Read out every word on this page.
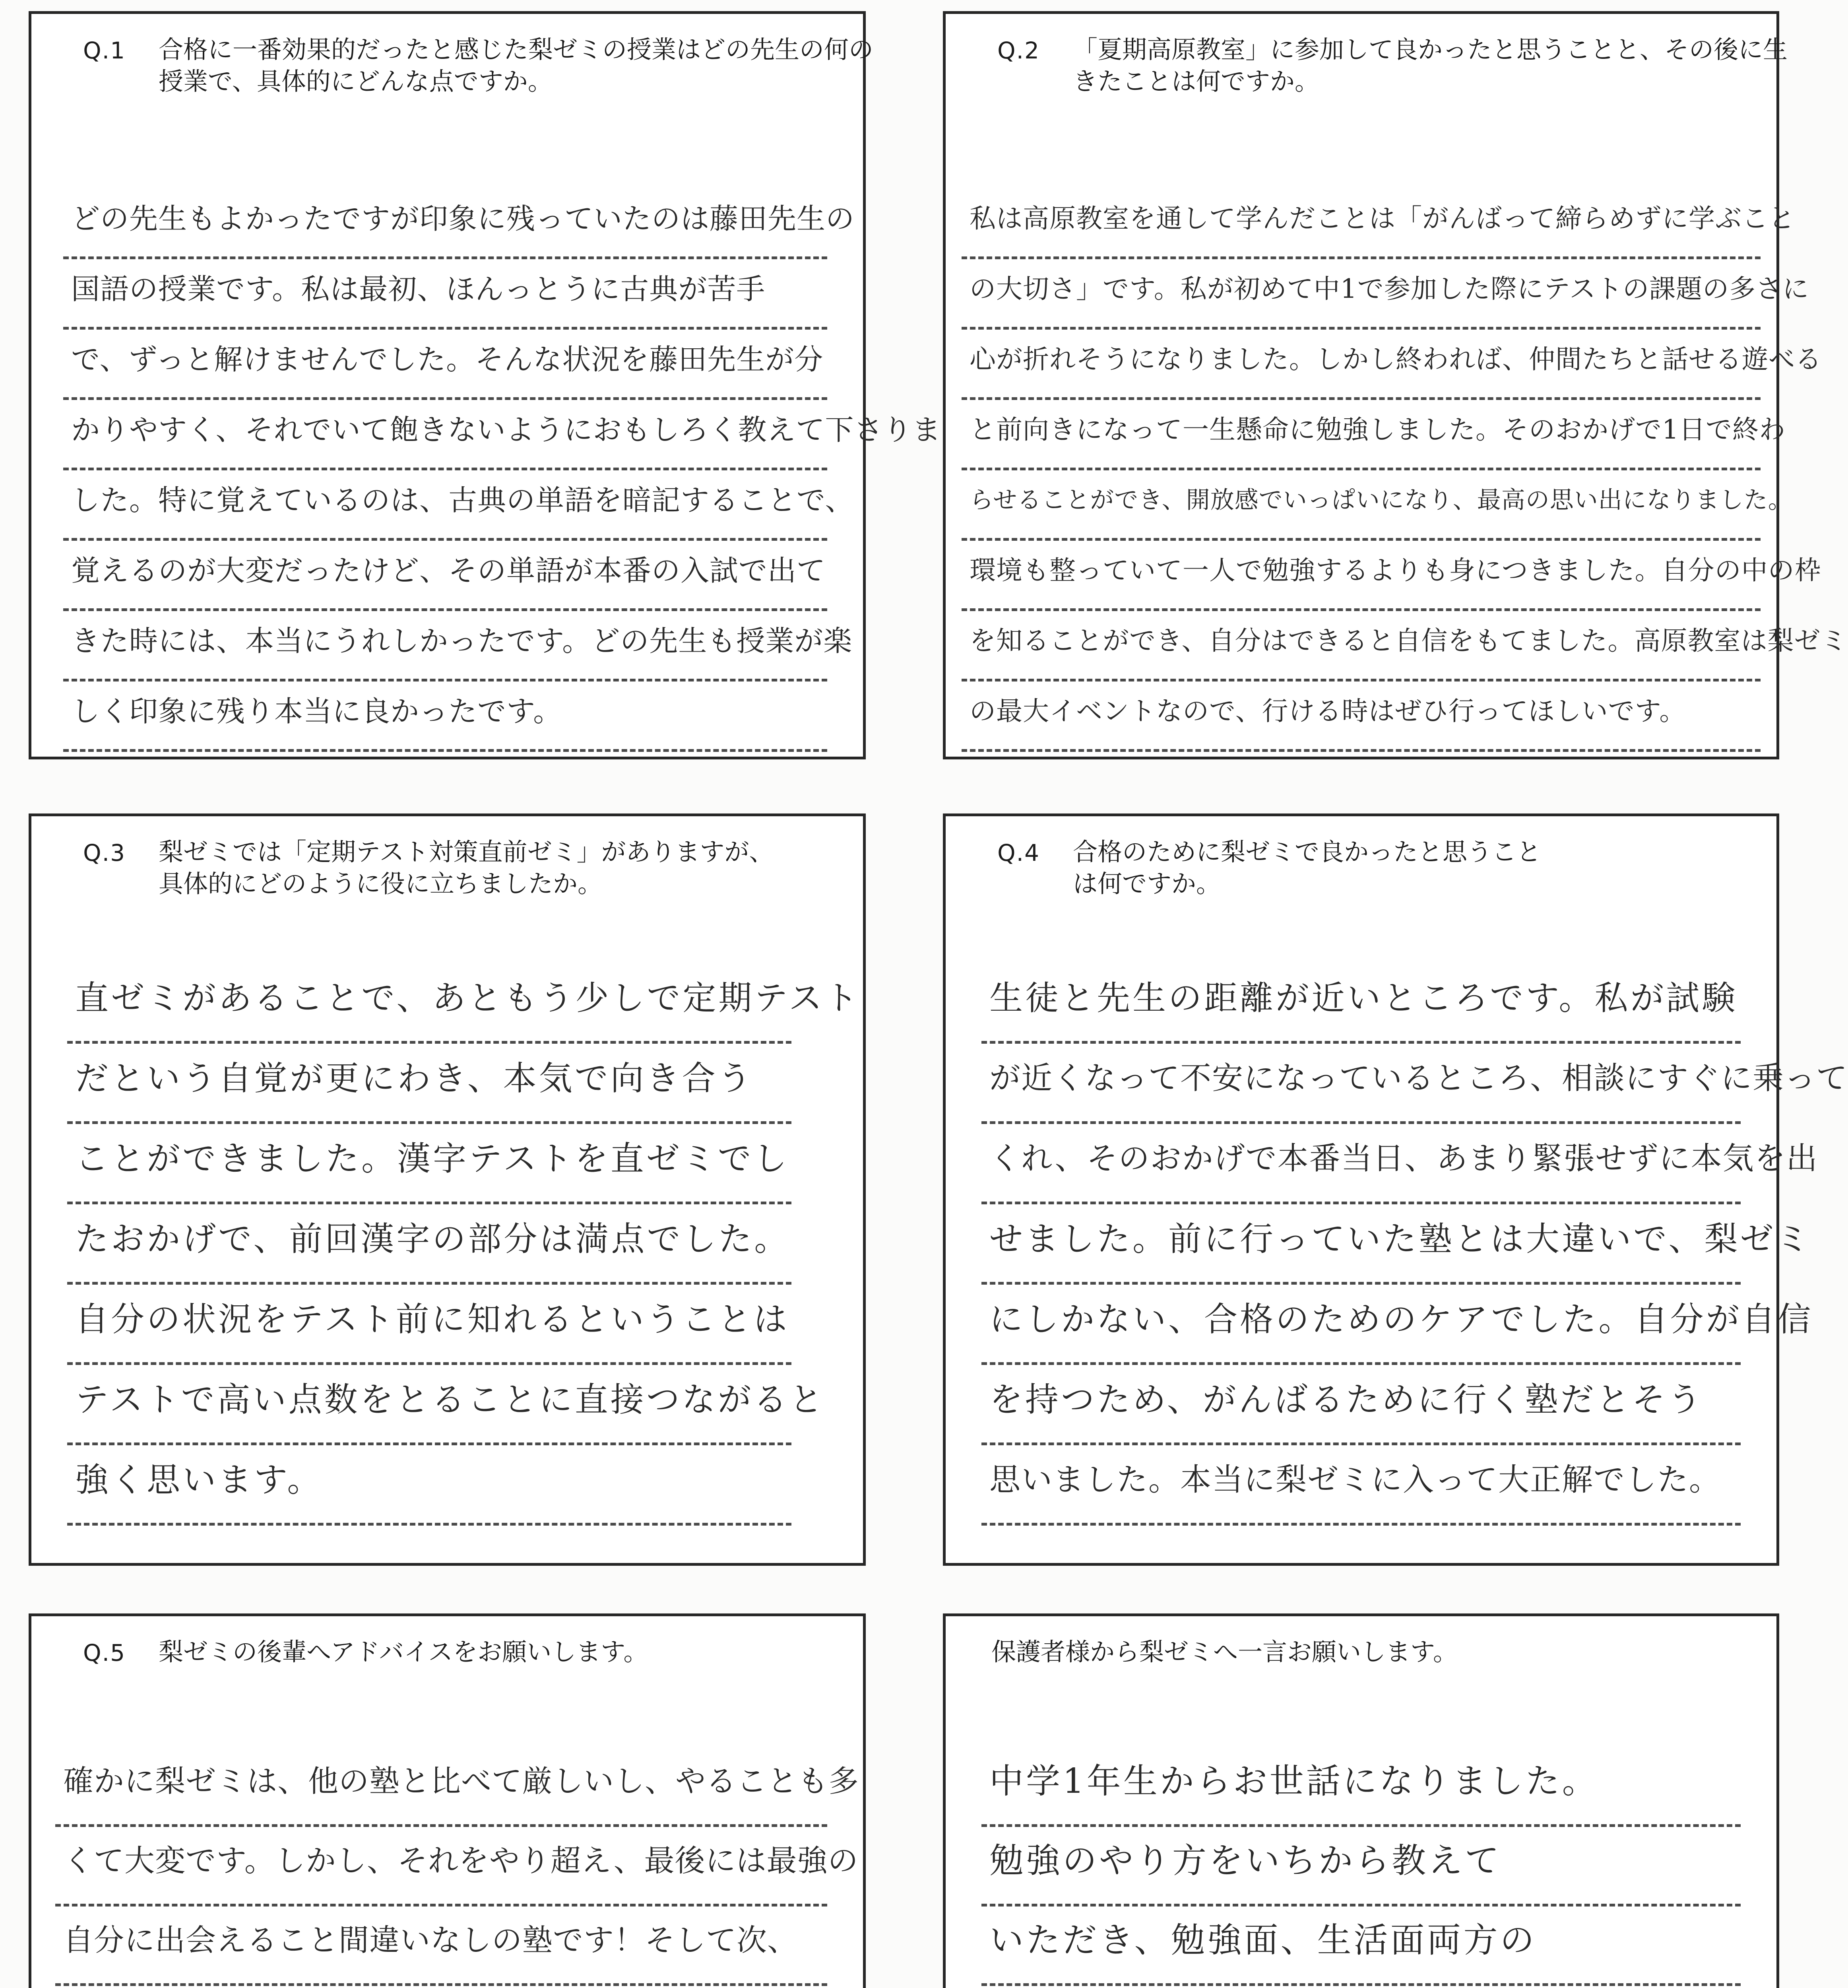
Q.1 合格に一番効果的だったと感じた梨ゼミの授業はどの先生の何の授業で、具体的にどんな点ですか。
どの先生もよかったですが印象に残っていたのは藤田先生の
国語の授業です。私は最初、ほんっとうに古典が苦手
で、ずっと解けませんでした。そんな状況を藤田先生が分
かりやすく、それでいて飽きないようにおもしろく教えて下さりま
した。特に覚えているのは、古典の単語を暗記することで、
覚えるのが大変だったけど、その単語が本番の入試で出て
きた時には、本当にうれしかったです。どの先生も授業が楽
しく印象に残り本当に良かったです。
Q.2 「夏期高原教室」に参加して良かったと思うことと、その後に生きたことは何ですか。
私は高原教室を通して学んだことは「がんばって締らめずに学ぶこと
の大切さ」です。私が初めて中1で参加した際にテストの課題の多さに
心が折れそうになりました。しかし終われば、仲間たちと話せる遊べる
と前向きになって一生懸命に勉強しました。そのおかげで1日で終わ
らせることができ、開放感でいっぱいになり、最高の思い出になりました。
環境も整っていて一人で勉強するよりも身につきました。自分の中の枠
を知ることができ、自分はできると自信をもてました。高原教室は梨ゼミ
の最大イベントなので、行ける時はぜひ行ってほしいです。
Q.3 梨ゼミでは「定期テスト対策直前ゼミ」がありますが、具体的にどのように役に立ちましたか。
直ゼミがあることで、あともう少しで定期テスト
だという自覚が更にわき、本気で向き合う
ことができました。漢字テストを直ゼミでし
たおかげで、前回漢字の部分は満点でした。
自分の状況をテスト前に知れるということは
テストで高い点数をとることに直接つながると
強く思います。
Q.4 合格のために梨ゼミで良かったと思うことは何ですか。
生徒と先生の距離が近いところです。私が試験
が近くなって不安になっているところ、相談にすぐに乗って
くれ、そのおかげで本番当日、あまり緊張せずに本気を出
せました。前に行っていた塾とは大違いで、梨ゼミ
にしかない、合格のためのケアでした。自分が自信
を持つため、がんばるために行く塾だとそう
思いました。本当に梨ゼミに入って大正解でした。
Q.5 梨ゼミの後輩へアドバイスをお願いします。
確かに梨ゼミは、他の塾と比べて厳しいし、やることも多
くて大変です。しかし、それをやり超え、最後には最強の
自分に出会えること間違いなしの塾です！そして次、
保護者様から梨ゼミへ一言お願いします。
中学1年生からお世話になりました。
勉強のやり方をいちから教えて
いただき、勉強面、生活面両方の
